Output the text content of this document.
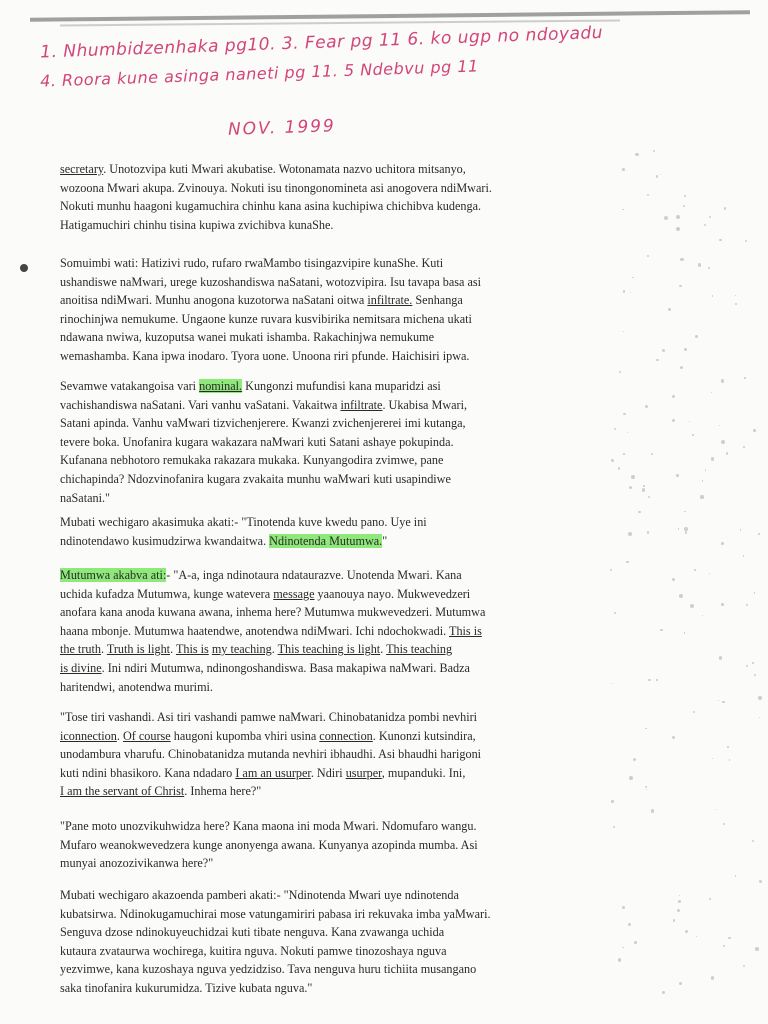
1. Nhumbidzenhaka pg10. 3. Fear pg 11 6. ko ugp no ndoyadu
4. Roora kune asinga naneti pg 11. 5 Ndebvu pg 11
NOV. 1999

secretary. Unotozvipa kuti Mwari akubatise. Wotonamata nazvo uchitora mitsanyo,

wozoona Mwari akupa. Zvinouya. Nokuti isu tinongonomineta asi anogovera ndiMwari.

Nokuti munhu haagoni kugamuchira chinhu kana asina kuchipiwa chichibva kudenga.

Hatigamuchiri chinhu tisina kupiwa zvichibva kunaShe.

Somuimbi wati: Hatizivi rudo, rufaro rwaMambo tisingazvipire kunaShe. Kuti

ushandiswe naMwari, urege kuzoshandiswa naSatani, wotozvipira. Isu tavapa basa asi

anoitisa ndiMwari. Munhu anogona kuzotorwa naSatani oitwa infiltrate. Senhanga

rinochinjwa nemukume. Ungaone kunze ruvara kusvibirika nemitsara michena ukati

ndawana nwiwa, kuzoputsa wanei mukati ishamba. Rakachinjwa nemukume

wemashamba. Kana ipwa inodaro. Tyora uone. Unoona riri pfunde. Haichisiri ipwa.

Sevamwe vatakangoisa vari nominal. Kungonzi mufundisi kana muparidzi asi

vachishandiswa naSatani. Vari vanhu vaSatani. Vakaitwa infiltrate. Ukabisa Mwari,

Satani apinda. Vanhu vaMwari tizvichenjerere. Kwanzi zvichenjererei imi kutanga,

tevere boka. Unofanira kugara wakazara naMwari kuti Satani ashaye pokupinda.

Kufanana nebhotoro remukaka rakazara mukaka. Kunyangodira zvimwe, pane

chichapinda? Ndozvinofanira kugara zvakaita munhu waMwari kuti usapindiwe

naSatani."

Mubati wechigaro akasimuka akati:- "Tinotenda kuve kwedu pano. Uye ini

ndinotendawo kusimudzirwa kwandaitwa. Ndinotenda Mutumwa."

Mutumwa akabva ati:- "A-a, inga ndinotaura ndataurazve. Unotenda Mwari. Kana

uchida kufadza Mutumwa, kunge watevera message yaanouya nayo. Mukwevedzeri

anofara kana anoda kuwana awana, inhema here? Mutumwa mukwevedzeri. Mutumwa

haana mbonje. Mutumwa haatendwe, anotendwa ndiMwari. Ichi ndochokwadi. This is

the truth. Truth is light. This is my teaching. This teaching is light. This teaching

is divine. Ini ndiri Mutumwa, ndinongoshandiswa. Basa makapiwa naMwari. Badza

haritendwi, anotendwa murimi.

"Tose tiri vashandi. Asi tiri vashandi pamwe naMwari. Chinobatanidza pombi nevhiri

iconnection. Of course haugoni kupomba vhiri usina connection. Kunonzi kutsindira,

unodambura vharufu. Chinobatanidza mutanda nevhiri ibhaudhi. Asi bhaudhi harigoni

kuti ndini bhasikoro. Kana ndadaro I am an usurper. Ndiri usurper, mupanduki. Ini,

I am the servant of Christ. Inhema here?"

"Pane moto unozvikuhwidza here? Kana maona ini moda Mwari. Ndomufaro wangu.

Mufaro weanokwevedzera kunge anonyenga awana. Kunyanya azopinda mumba. Asi

munyai anozozivikanwa here?"

Mubati wechigaro akazoenda pamberi akati:- "Ndinotenda Mwari uye ndinotenda

kubatsirwa. Ndinokugamuchirai mose vatungamiriri pabasa iri rekuvaka imba yaMwari.

Senguva dzose ndinokuyeuchidzai kuti tibate nenguva. Kana zvawanga uchida

kutaura zvataurwa wochirega, kuitira nguva. Nokuti pamwe tinozoshaya nguva

yezvimwe, kana kuzoshaya nguva yedzidziso. Tava nenguva huru tichiita musangano

saka tinofanira kukurumidza. Tizive kubata nguva."
